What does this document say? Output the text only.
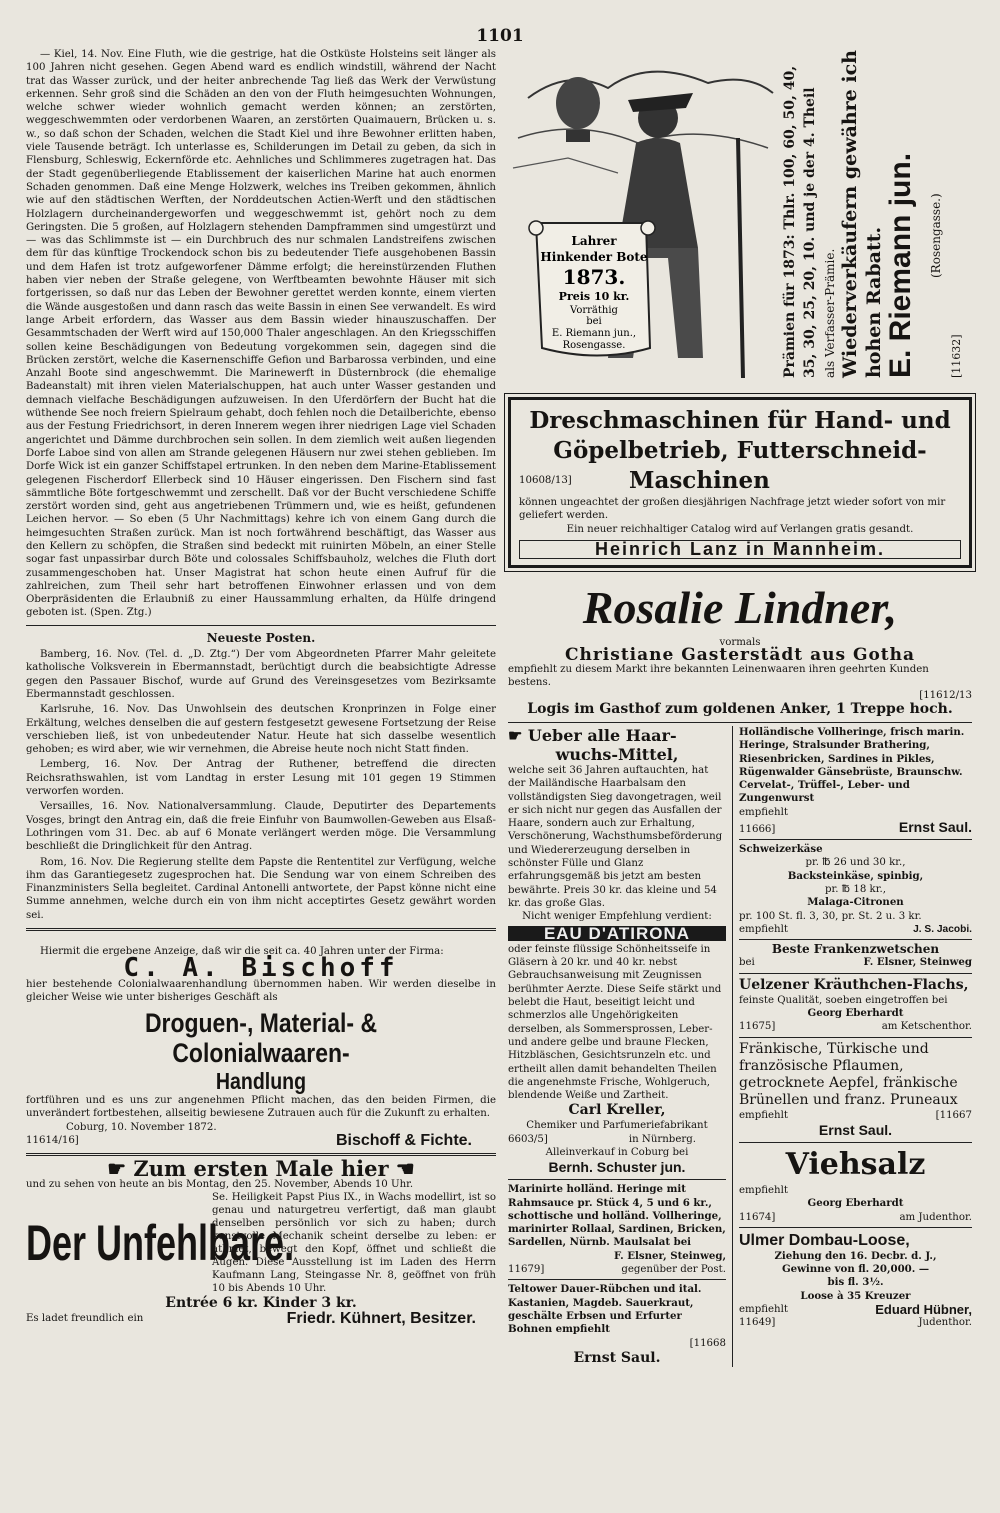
1101

— Kiel, 14. Nov. Eine Fluth, wie die gestrige, hat die Ostküste Holsteins seit länger als 100 Jahren nicht gesehen. Gegen Abend ward es endlich windstill, während der Nacht trat das Wasser zurück, und der heiter anbrechende Tag ließ das Werk der Verwüstung erkennen. Sehr groß sind die Schäden an den von der Fluth heimgesuchten Wohnungen, welche schwer wieder wohnlich gemacht werden können; an zerstörten, weggeschwemmten oder verdorbenen Waaren, an zerstörten Quaimauern, Brücken u. s. w., so daß schon der Schaden, welchen die Stadt Kiel und ihre Bewohner erlitten haben, viele Tausende beträgt. Ich unterlasse es, Schilderungen im Detail zu geben, da sich in Flensburg, Schleswig, Eckernförde etc. Aehnliches und Schlimmeres zugetragen hat. Das der Stadt gegenüberliegende Etablissement der kaiserlichen Marine hat auch enormen Schaden genommen. Daß eine Menge Holzwerk, welches ins Treiben gekommen, ähnlich wie auf den städtischen Werften, der Norddeutschen Actien-Werft und den städtischen Holzlagern durcheinandergeworfen und weggeschwemmt ist, gehört noch zu dem Geringsten. Die 5 großen, auf Holzlagern stehenden Dampframmen sind umgestürzt und — was das Schlimmste ist — ein Durchbruch des nur schmalen Landstreifens zwischen dem für das künftige Trockendock schon bis zu bedeutender Tiefe ausgehobenen Bassin und dem Hafen ist trotz aufgeworfener Dämme erfolgt; die hereinstürzenden Fluthen haben vier neben der Straße gelegene, von Werftbeamten bewohnte Häuser mit sich fortgerissen, so daß nur das Leben der Bewohner gerettet werden konnte, einem vierten die Wände ausgestoßen und dann rasch das weite Bassin in einen See verwandelt. Es wird lange Arbeit erfordern, das Wasser aus dem Bassin wieder hinauszuschaffen. Der Gesammtschaden der Werft wird auf 150,000 Thaler angeschlagen. An den Kriegsschiffen sollen keine Beschädigungen von Bedeutung vorgekommen sein, dagegen sind die Brücken zerstört, welche die Kasernenschiffe Gefion und Barbarossa verbinden, und eine Anzahl Boote sind angeschwemmt. Die Marinewerft in Düsternbrock (die ehemalige Badeanstalt) mit ihren vielen Materialschuppen, hat auch unter Wasser gestanden und demnach vielfache Beschädigungen aufzuweisen. In den Uferdörfern der Bucht hat die wüthende See noch freiern Spielraum gehabt, doch fehlen noch die Detailberichte, ebenso aus der Festung Friedrichsort, in deren Innerem wegen ihrer niedrigen Lage viel Schaden angerichtet und Dämme durchbrochen sein sollen. In dem ziemlich weit außen liegenden Dorfe Laboe sind von allen am Strande gelegenen Häusern nur zwei stehen geblieben. Im Dorfe Wick ist ein ganzer Schiffstapel ertrunken. In den neben dem Marine-Etablissement gelegenen Fischerdorf Ellerbeck sind 10 Häuser eingerissen. Den Fischern sind fast sämmtliche Böte fortgeschwemmt und zerschellt. Daß vor der Bucht verschiedene Schiffe zerstört worden sind, geht aus angetriebenen Trümmern und, wie es heißt, gefundenen Leichen hervor. — So eben (5 Uhr Nachmittags) kehre ich von einem Gang durch die heimgesuchten Straßen zurück. Man ist noch fortwährend beschäftigt, das Wasser aus den Kellern zu schöpfen, die Straßen sind bedeckt mit ruinirten Möbeln, an einer Stelle sogar fast unpassirbar durch Böte und colossales Schiffsbauholz, welches die Fluth dort zusammengeschoben hat. Unser Magistrat hat schon heute einen Aufruf für die zahlreichen, zum Theil sehr hart betroffenen Einwohner erlassen und von dem Oberpräsidenten die Erlaubniß zu einer Haussammlung erhalten, da Hülfe dringend geboten ist. (Spen. Ztg.)

Neueste Posten.

Bamberg, 16. Nov. (Tel. d. „D. Ztg.“) Der vom Abgeordneten Pfarrer Mahr geleitete katholische Volksverein in Ebermannstadt, berüchtigt durch die beabsichtigte Adresse gegen den Passauer Bischof, wurde auf Grund des Vereinsgesetzes vom Bezirksamte Ebermannstadt geschlossen.

Karlsruhe, 16. Nov. Das Unwohlsein des deutschen Kronprinzen in Folge einer Erkältung, welches denselben die auf gestern festgesetzt gewesene Fortsetzung der Reise verschieben ließ, ist von unbedeutender Natur. Heute hat sich dasselbe wesentlich gehoben; es wird aber, wie wir vernehmen, die Abreise heute noch nicht Statt finden.

Lemberg, 16. Nov. Der Antrag der Ruthener, betreffend die directen Reichsrathswahlen, ist vom Landtag in erster Lesung mit 101 gegen 19 Stimmen verworfen worden.

Versailles, 16. Nov. Nationalversammlung. Claude, Deputirter des Departements Vosges, bringt den Antrag ein, daß die freie Einfuhr von Baumwollen-Geweben aus Elsaß-Lothringen vom 31. Dec. ab auf 6 Monate verlängert werden möge. Die Versammlung beschließt die Dringlichkeit für den Antrag.

Rom, 16. Nov. Die Regierung stellte dem Papste die Rententitel zur Verfügung, welche ihm das Garantiegesetz zugesprochen hat. Die Sendung war von einem Schreiben des Finanzministers Sella begleitet. Cardinal Antonelli antwortete, der Papst könne nicht eine Summe annehmen, welche durch ein von ihm nicht acceptirtes Gesetz gewährt worden sei.

Hiermit die ergebene Anzeige, daß wir die seit ca. 40 Jahren unter der Firma:

C. A. Bischoff
hier bestehende Colonialwaarenhandlung übernommen haben. Wir werden dieselbe in gleicher Weise wie unter bisheriges Geschäft als
Droguen-, Material- & Colonialwaaren-
Handlung
fortführen und es uns zur angenehmen Pflicht machen, das den beiden Firmen, die unverändert fortbestehen, allseitig bewiesene Zutrauen auch für die Zukunft zu erhalten.
Coburg, 10. November 1872.
11614/16]	Bischoff & Fichte.
☛ Zum ersten Male hier ☚
und zu sehen von heute an bis Montag, den 25. November, Abends 10 Uhr.
Der Unfehlbare.
Se. Heiligkeit Papst Pius IX., in Wachs modellirt, ist so genau und naturgetreu verfertigt, daß man glaubt denselben persönlich vor sich zu haben; durch kunstvolle Mechanik scheint derselbe zu leben: er athmet, bewegt den Kopf, öffnet und schließt die Augen. Diese Ausstellung ist im Laden des Herrn Kaufmann Lang, Steingasse Nr. 8, geöffnet von früh 10 bis Abends 10 Uhr.
Entrée 6 kr. Kinder 3 kr.
Es ladet freundlich ein	Friedr. Kühnert, Besitzer.
Lahrer
Hinkender Bote
1873.
Preis 10 kr.
Vorräthig
bei
E. Riemann jun.,
Rosengasse.	Prämien für 1873: Thlr. 100, 60, 50, 40, 35, 30, 25, 20, 10. und je der 4. Theil als Verfasser-Prämie. Wiederverkäufern gewähre ich hohen Rabatt. E. Riemann jun. (Rosengasse.)
[11632]
Dreschmaschinen für Hand- und
Göpelbetrieb, Futterschneid-
10608/13]	Maschinen
können ungeachtet der großen diesjährigen Nachfrage jetzt wieder sofort von mir geliefert werden.
Ein neuer reichhaltiger Catalog wird auf Verlangen gratis gesandt.
Heinrich Lanz in Mannheim.
Rosalie Lindner,
vormals
Christiane Gasterstädt aus Gotha
empfiehlt zu diesem Markt ihre bekannten Leinenwaaren ihren geehrten Kunden bestens.
[11612/13
Logis im Gasthof zum goldenen Anker, 1 Treppe hoch.
☛ Ueber alle Haar-
wuchs-Mittel,
welche seit 36 Jahren auftauchten, hat der Mailändische Haarbalsam den vollständigsten Sieg davongetragen, weil er sich nicht nur gegen das Ausfallen der Haare, sondern auch zur Erhaltung, Verschönerung, Wachsthumsbeförderung und Wiedererzeugung derselben in schönster Fülle und Glanz erfahrungsgemäß bis jetzt am besten bewährte. Preis 30 kr. das kleine und 54 kr. das große Glas.
Nicht weniger Empfehlung verdient:
EAU D'ATIRONA
oder feinste flüssige Schönheitsseife in Gläsern à 20 kr. und 40 kr. nebst Gebrauchsanweisung mit Zeugnissen berühmter Aerzte. Diese Seife stärkt und belebt die Haut, beseitigt leicht und schmerzlos alle Ungehörigkeiten derselben, als Sommersprossen, Leber- und andere gelbe und braune Flecken, Hitzbläschen, Gesichtsrunzeln etc. und ertheilt allen damit behandelten Theilen die angenehmste Frische, Wohlgeruch, blendende Weiße und Zartheit.
Carl Kreller,
Chemiker und Parfumeriefabrikant
6603/5]	in Nürnberg.
Alleinverkauf in Coburg bei
Bernh. Schuster jun.
Marinirte holländ. Heringe mit Rahmsauce pr. Stück 4, 5 und 6 kr., schottische und holländ. Vollheringe, marinirter Rollaal, Sardinen, Bricken, Sardellen, Nürnb. Maulsalat bei
F. Elsner, Steinweg,
11679]	gegenüber der Post.
Teltower Dauer-Rübchen und ital. Kastanien, Magdeb. Sauerkraut, geschälte Erbsen und Erfurter Bohnen empfiehlt
[11668
Ernst Saul.
Holländische Vollheringe, frisch marin. Heringe, Stralsunder Brathering, Riesenbricken, Sardines in Pikles, Rügenwalder Gänsebrüste, Braunschw. Cervelat-, Trüffel-, Leber- und Zungenwurst
empfiehlt
11666]	Ernst Saul.
Schweizerkäse
pr. ℔ 26 und 30 kr.,
Backsteinkäse, spinbig,
pr. ℔ 18 kr.,
Malaga-Citronen
pr. 100 St. fl. 3, 30, pr. St. 2 u. 3 kr.
empfiehlt	J. S. Jacobi.
Beste Frankenzwetschen
bei	F. Elsner, Steinweg
Uelzener Kräuthchen-Flachs,
feinste Qualität, soeben eingetroffen bei
Georg Eberhardt
11675]	am Ketschenthor.
Fränkische, Türkische und französische Pflaumen, getrocknete Aepfel, fränkische Brünellen und franz. Pruneaux
empfiehlt	[11667
Ernst Saul.
Viehsalz
empfiehlt
Georg Eberhardt
11674]	am Judenthor.
Ulmer Dombau-Loose,
Ziehung den 16. Decbr. d. J.,
Gewinne von fl. 20,000. —
bis fl. 3½.
Loose à 35 Kreuzer
empfiehlt	Eduard Hübner,
11649]	Judenthor.
